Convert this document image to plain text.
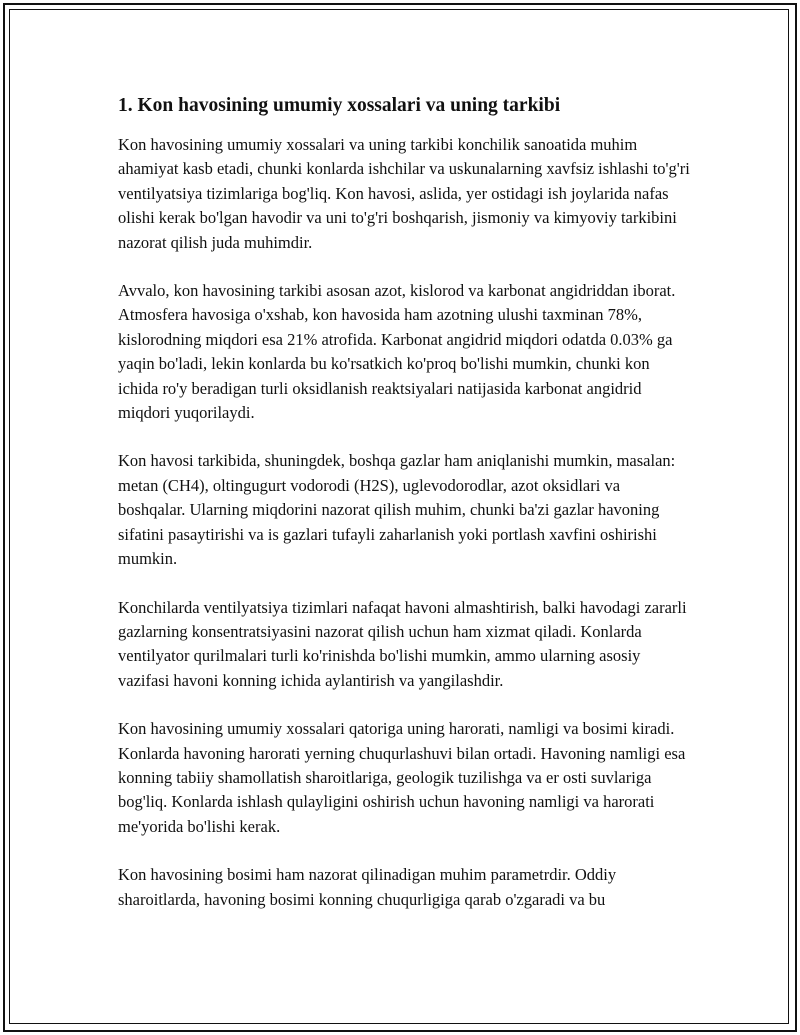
1. Kon havosining umumiy xossalari va uning tarkibi

Kon havosining umumiy xossalari va uning tarkibi konchilik sanoatida muhim ahamiyat kasb etadi, chunki konlarda ishchilar va uskunalarning xavfsiz ishlashi to'g'ri ventilyatsiya tizimlariga bog'liq. Kon havosi, aslida, yer ostidagi ish joylarida nafas olishi kerak bo'lgan havodir va uni to'g'ri boshqarish, jismoniy va kimyoviy tarkibini nazorat qilish juda muhimdir.

Avvalo, kon havosining tarkibi asosan azot, kislorod va karbonat angidriddan iborat. Atmosfera havosiga o'xshab, kon havosida ham azotning ulushi taxminan 78%, kislorodning miqdori esa 21% atrofida. Karbonat angidrid miqdori odatda 0.03% ga yaqin bo'ladi, lekin konlarda bu ko'rsatkich ko'proq bo'lishi mumkin, chunki kon ichida ro'y beradigan turli oksidlanish reaktsiyalari natijasida karbonat angidrid miqdori yuqorilaydi.

Kon havosi tarkibida, shuningdek, boshqa gazlar ham aniqlanishi mumkin, masalan: metan (CH4), oltingugurt vodorodi (H2S), uglevodorodlar, azot oksidlari va boshqalar. Ularning miqdorini nazorat qilish muhim, chunki ba'zi gazlar havoning sifatini pasaytirishi va is gazlari tufayli zaharlanish yoki portlash xavfini oshirishi mumkin.

Konchilarda ventilyatsiya tizimlari nafaqat havoni almashtirish, balki havodagi zararli gazlarning konsentratsiyasini nazorat qilish uchun ham xizmat qiladi. Konlarda ventilyator qurilmalari turli ko'rinishda bo'lishi mumkin, ammo ularning asosiy vazifasi havoni konning ichida aylantirish va yangilashdir.

Kon havosining umumiy xossalari qatoriga uning harorati, namligi va bosimi kiradi. Konlarda havoning harorati yerning chuqurlashuvi bilan ortadi. Havoning namligi esa konning tabiiy shamollatish sharoitlariga, geologik tuzilishga va er osti suvlariga bog'liq. Konlarda ishlash qulayligini oshirish uchun havoning namligi va harorati me'yorida bo'lishi kerak.

Kon havosining bosimi ham nazorat qilinadigan muhim parametrdir. Oddiy sharoitlarda, havoning bosimi konning chuqurligiga qarab o'zgaradi va bu
